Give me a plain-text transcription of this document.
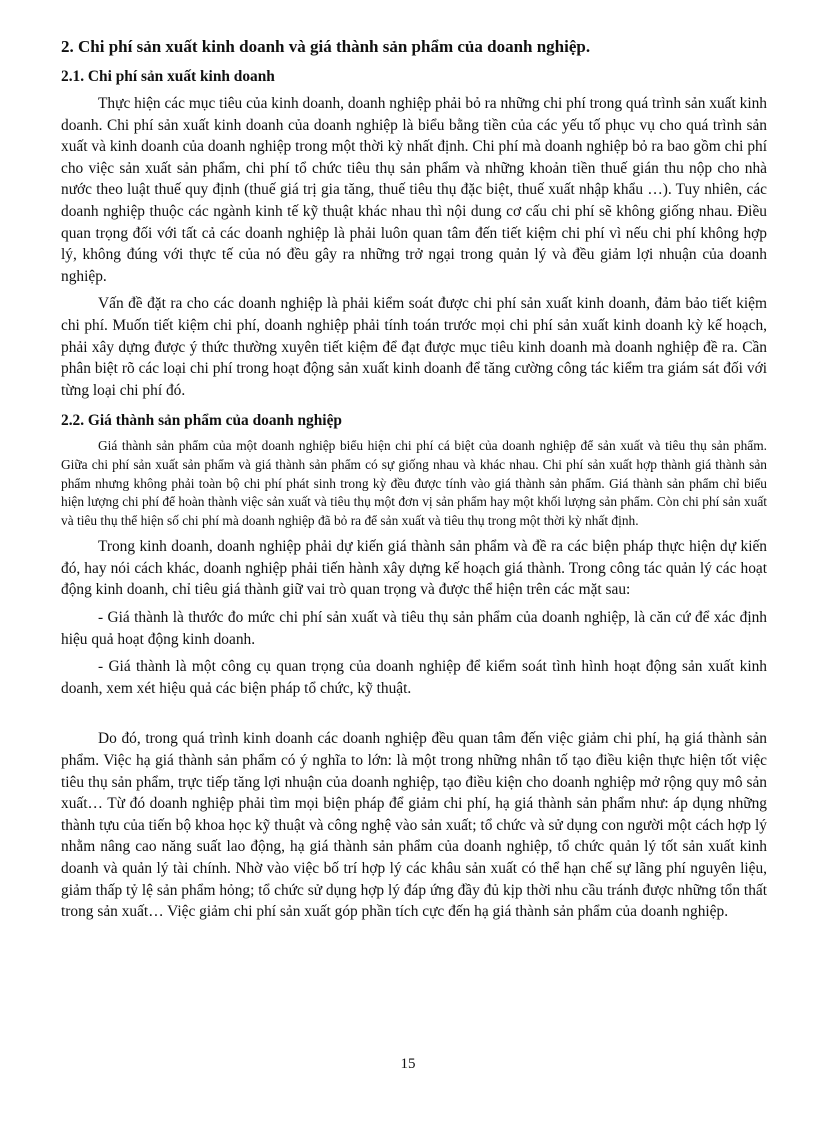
2. Chi phí sản xuất kinh doanh và giá thành sản phẩm của doanh nghiệp.
2.1. Chi phí sản xuất kinh doanh

Thực hiện các mục tiêu của kinh doanh, doanh nghiệp phải bỏ ra những chi phí trong quá trình sản xuất kinh doanh. Chi phí sản xuất kinh doanh của doanh nghiệp là biểu bằng tiền của các yếu tố phục vụ cho quá trình sản xuất và kinh doanh của doanh nghiệp trong một thời kỳ nhất định. Chi phí mà doanh nghiệp bỏ ra bao gồm chi phí cho việc sản xuất sản phẩm, chi phí tổ chức tiêu thụ sản phẩm và những khoản tiền thuế gián thu nộp cho nhà nước theo luật thuế quy định (thuế giá trị gia tăng, thuế tiêu thụ đặc biệt, thuế xuất nhập khẩu …). Tuy nhiên, các doanh nghiệp thuộc các ngành kinh tế kỹ thuật khác nhau thì nội dung cơ cấu chi phí sẽ không giống nhau. Điều quan trọng đối với tất cả các doanh nghiệp là phải luôn quan tâm đến tiết kiệm chi phí vì nếu chi phí không hợp lý, không đúng với thực tế của nó đều gây ra những trở ngại trong quản lý và đều giảm lợi nhuận của doanh nghiệp.

Vấn đề đặt ra cho các doanh nghiệp là phải kiểm soát được chi phí sản xuất kinh doanh, đảm bảo tiết kiệm chi phí. Muốn tiết kiệm chi phí, doanh nghiệp phải tính toán trước mọi chi phí sản xuất kinh doanh kỳ kế hoạch, phải xây dựng được ý thức thường xuyên tiết kiệm để đạt được mục tiêu kinh doanh mà doanh nghiệp đề ra. Cần phân biệt rõ các loại chi phí trong hoạt động sản xuất kinh doanh để tăng cường công tác kiểm tra giám sát đối với từng loại chi phí đó.

2.2. Giá thành sản phẩm của doanh nghiệp

Giá thành sản phẩm của một doanh nghiệp biểu hiện chi phí cá biệt của doanh nghiệp để sản xuất và tiêu thụ sản phẩm. Giữa chi phí sản xuất sản phẩm và giá thành sản phẩm có sự giống nhau và khác nhau. Chi phí sản xuất hợp thành giá thành sản phẩm nhưng không phải toàn bộ chi phí phát sinh trong kỳ đều được tính vào giá thành sản phẩm. Giá thành sản phẩm chỉ biểu hiện lượng chi phí để hoàn thành việc sản xuất và tiêu thụ một đơn vị sản phẩm hay một khối lượng sản phẩm. Còn chi phí sản xuất và tiêu thụ thể hiện số chi phí mà doanh nghiệp đã bỏ ra để sản xuất và tiêu thụ trong một thời kỳ nhất định.

Trong kinh doanh, doanh nghiệp phải dự kiến giá thành sản phẩm và đề ra các biện pháp thực hiện dự kiến đó, hay nói cách khác, doanh nghiệp phải tiến hành xây dựng kế hoạch giá thành. Trong công tác quản lý các hoạt động kinh doanh, chỉ tiêu giá thành giữ vai trò quan trọng và được thể hiện trên các mặt sau:

- Giá thành là thước đo mức chi phí sản xuất và tiêu thụ sản phẩm của doanh nghiệp, là căn cứ để xác định hiệu quả hoạt động kinh doanh.

- Giá thành là một công cụ quan trọng của doanh nghiệp để kiểm soát tình hình hoạt động sản xuất kinh doanh, xem xét hiệu quả các biện pháp tổ chức, kỹ thuật.

Do đó, trong quá trình kinh doanh các doanh nghiệp đều quan tâm đến việc giảm chi phí, hạ giá thành sản phẩm. Việc hạ giá thành sản phẩm có ý nghĩa to lớn: là một trong những nhân tố tạo điều kiện thực hiện tốt việc tiêu thụ sản phẩm, trực tiếp tăng lợi nhuận của doanh nghiệp, tạo điều kiện cho doanh nghiệp mở rộng quy mô sản xuất… Từ đó doanh nghiệp phải tìm mọi biện pháp để giảm chi phí, hạ giá thành sản phẩm như: áp dụng những thành tựu của tiến bộ khoa học kỹ thuật và công nghệ vào sản xuất; tổ chức và sử dụng con người một cách hợp lý nhằm nâng cao năng suất lao động, hạ giá thành sản phẩm của doanh nghiệp, tổ chức quản lý tốt sản xuất kinh doanh và quản lý tài chính. Nhờ vào việc bố trí hợp lý các khâu sản xuất có thể hạn chế sự lãng phí nguyên liệu, giảm thấp tỷ lệ sản phẩm hỏng; tổ chức sử dụng hợp lý đáp ứng đầy đủ kịp thời nhu cầu tránh được những tổn thất trong sản xuất… Việc giảm chi phí sản xuất góp phần tích cực đến hạ giá thành sản phẩm của doanh nghiệp.

15
